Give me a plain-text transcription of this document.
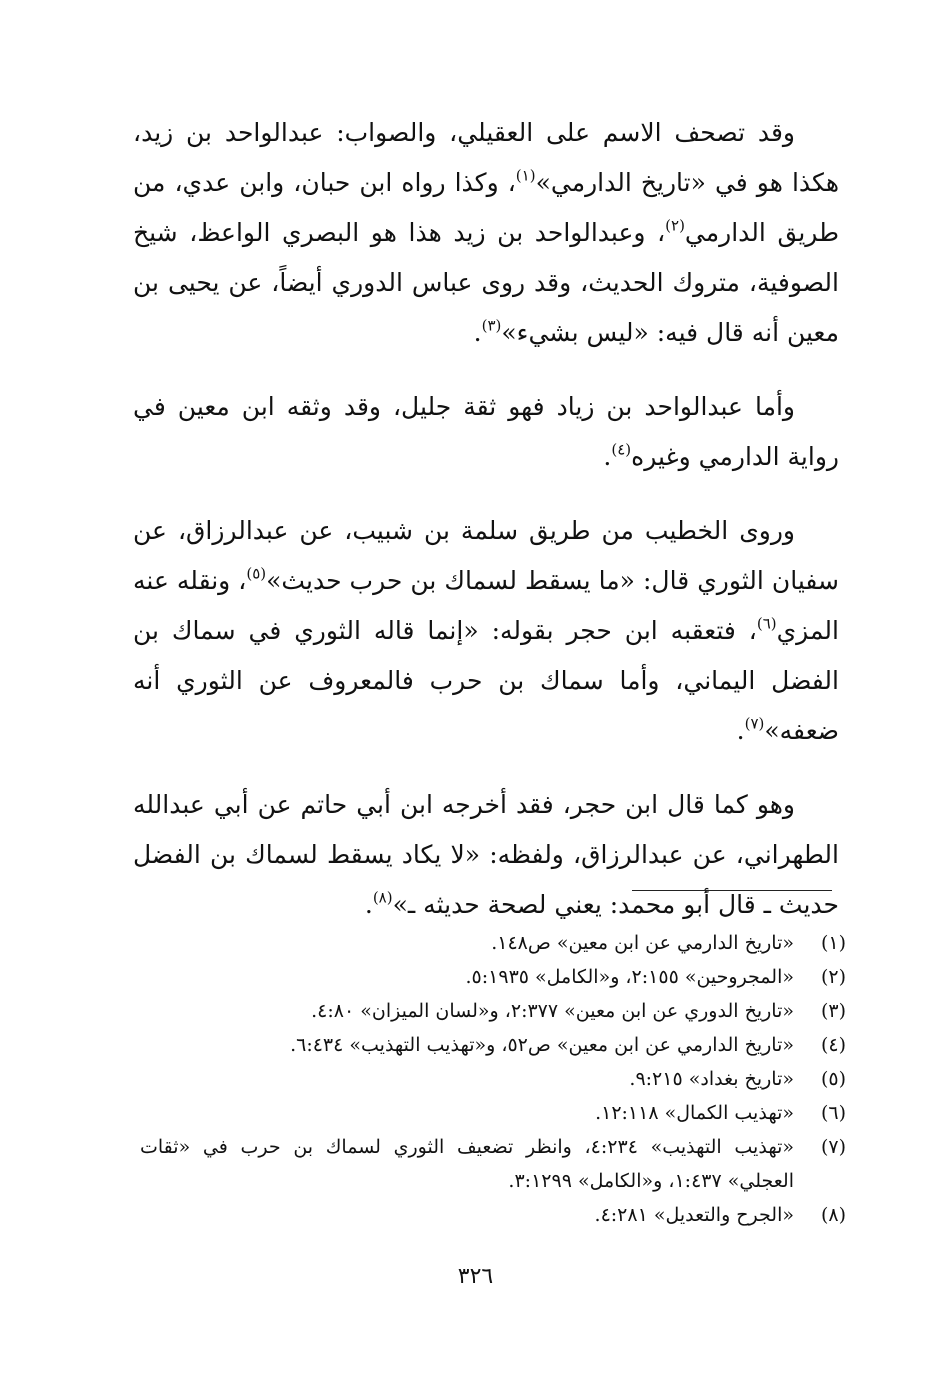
وقد تصحف الاسم على العقيلي، والصواب: عبدالواحد بن زيد، هكذا هو في «تاريخ الدارمي»$^{(١)}$، وكذا رواه ابن حبان، وابن عدي، من طريق الدارمي$^{(٢)}$، وعبدالواحد بن زيد هذا هو البصري الواعظ، شيخ الصوفية، متروك الحديث، وقد روى عباس الدوري أيضاً، عن يحيى بن معين أنه قال فيه: «ليس بشيء»$^{(٣)}$.

وأما عبدالواحد بن زياد فهو ثقة جليل، وقد وثقه ابن معين في رواية الدارمي وغيره$^{(٤)}$.

وروى الخطيب من طريق سلمة بن شبيب، عن عبدالرزاق، عن سفيان الثوري قال: «ما يسقط لسماك بن حرب حديث»$^{(٥)}$، ونقله عنه المزي$^{(٦)}$، فتعقبه ابن حجر بقوله: «إنما قاله الثوري في سماك بن الفضل اليماني، وأما سماك بن حرب فالمعروف عن الثوري أنه ضعفه»$^{(٧)}$.

وهو كما قال ابن حجر، فقد أخرجه ابن أبي حاتم عن أبي عبدالله الطهراني، عن عبدالرزاق، ولفظه: «لا يكاد يسقط لسماك بن الفضل حديث ـ قال أبو محمد: يعني لصحة حديثه ـ»$^{(٨)}$.

(١)
«تاريخ الدارمي عن ابن معين» ص١٤٨.
(٢)
«المجروحين» ٢:١٥٥، و«الكامل» ٥:١٩٣٥.
(٣)
«تاريخ الدوري عن ابن معين» ٢:٣٧٧، و«لسان الميزان» ٤:٨٠.
(٤)
«تاريخ الدارمي عن ابن معين» ص٥٢، و«تهذيب التهذيب» ٦:٤٣٤.
(٥)
«تاريخ بغداد» ٩:٢١٥.
(٦)
«تهذيب الكمال» ١٢:١١٨.
(٧)
«تهذيب التهذيب» ٤:٢٣٤، وانظر تضعيف الثوري لسماك بن حرب في «ثقات العجلي» ١:٤٣٧، و«الكامل» ٣:١٢٩٩.
(٨)
«الجرح والتعديل» ٤:٢٨١.
٣٢٦
